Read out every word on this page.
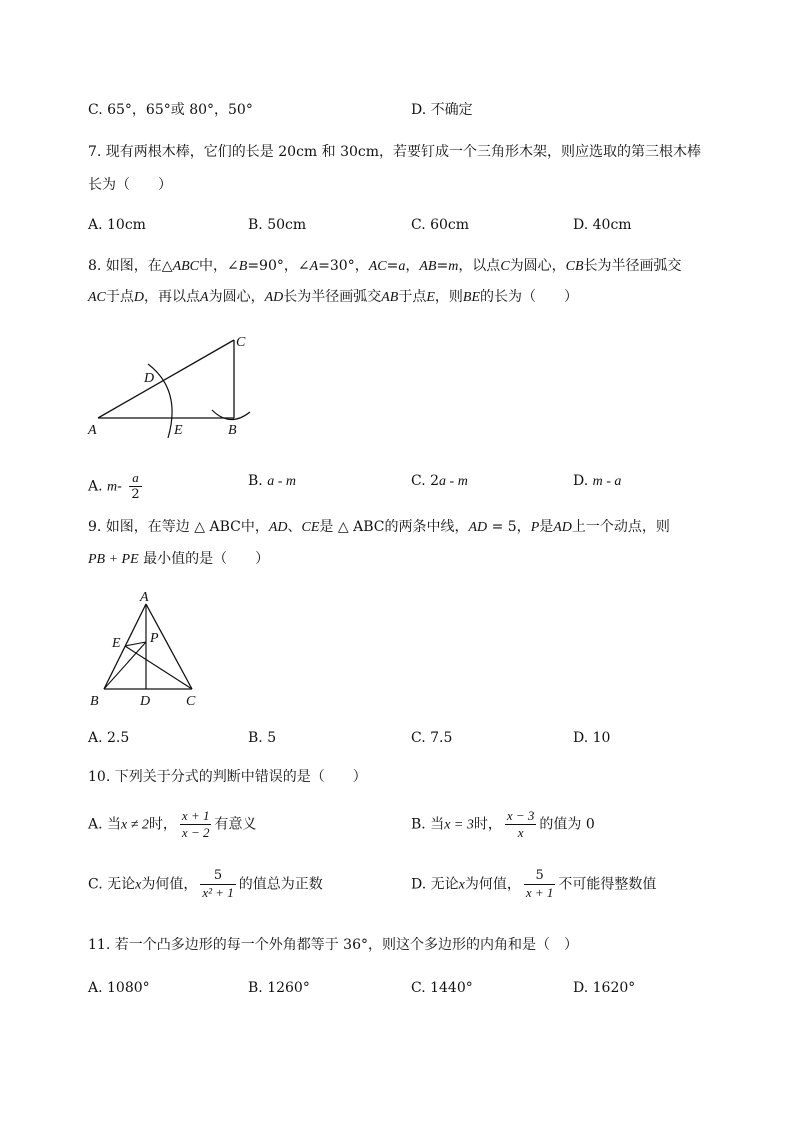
C. 65°，65°或 80°，50°	D. 不确定
7. 现有两根木棒，它们的长是 20cm 和 30cm，若要钉成一个三角形木架，则应选取的第三根木棒
长为（　　）
A. 10cm	B. 50cm	C. 60cm	D. 40cm
8. 如图，在△ABC中，∠B=90°，∠A=30°，AC=a，AB=m，以点C为圆心，CB长为半径画弧交
AC于点D，再以点A为圆心，AD长为半径画弧交AB于点E，则BE的长为（　　）
A	B
C
D
E
A. $m- \frac{a}{2}$	B. a - m	C. 2a - m	D. m - a
9. 如图，在等边 △ ABC中，AD、CE是 △ ABC的两条中线，AD = 5，P是AD上一个动点，则
PB + PE 最小值的是（　　）
A
B	C
D
E P
A. 2.5	B. 5	C. 7.5	D. 10
10. 下列关于分式的判断中错误的是（　　）
A. 当x ≠ 2时， $\frac{x + 1}{x - 2}$ 有意义	B. 当x = 3时， $\frac{x - 3}{x}$ 的值为 0
C. 无论x为何值， $\frac{5}{\text{x² + 1}}$ 的值总为正数	D. 无论x为何值， $\frac{5}{x + 1}$ 不可能得整数值
11. 若一个凸多边形的每一个外角都等于 36°，则这个多边形的内角和是（　）
A. 1080°	B. 1260°	C. 1440°	D. 1620°
